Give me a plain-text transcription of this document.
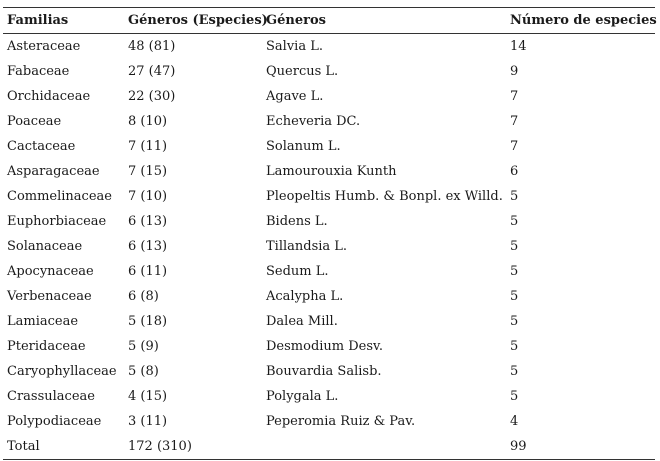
Familias	Géneros (Especies)	Géneros	Número de especies
Asteraceae	48 (81)	Salvia L.	14
Fabaceae	27 (47)	Quercus L.	9
Orchidaceae	22 (30)	Agave L.	7
Poaceae	8 (10)	Echeveria DC.	7
Cactaceae	7 (11)	Solanum L.	7
Asparagaceae	7 (15)	Lamourouxia Kunth	6
Commelinaceae	7 (10)	Pleopeltis Humb. & Bonpl. ex Willd.	5
Euphorbiaceae	6 (13)	Bidens L.	5
Solanaceae	6 (13)	Tillandsia L.	5
Apocynaceae	6 (11)	Sedum L.	5
Verbenaceae	6 (8)	Acalypha L.	5
Lamiaceae	5 (18)	Dalea Mill.	5
Pteridaceae	5 (9)	Desmodium Desv.	5
Caryophyllaceae	5 (8)	Bouvardia Salisb.	5
Crassulaceae	4 (15)	Polygala L.	5
Polypodiaceae	3 (11)	Peperomia Ruiz & Pav.	4
Total	172 (310)		99
